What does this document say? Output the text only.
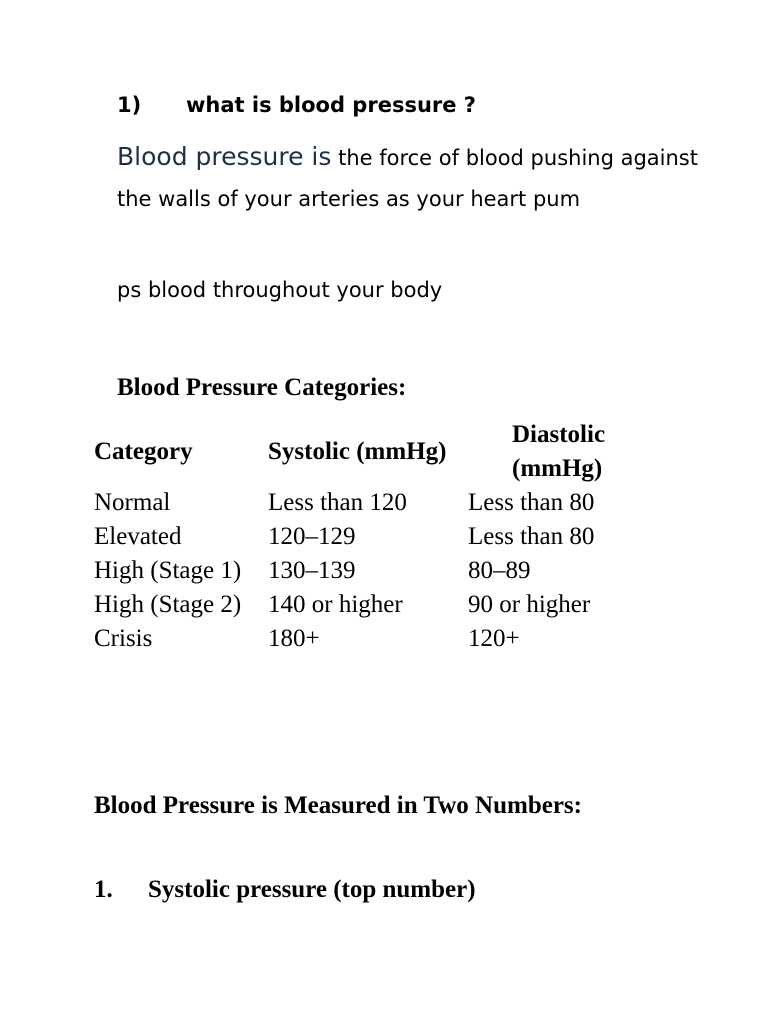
1) what is blood pressure ?
Blood pressure is the force of blood pushing against the walls of your arteries as your heart pum
ps blood throughout your body
Blood Pressure Categories:
Category	Systolic (mmHg)	Diastolic (mmHg)
Normal	Less than 120	Less than 80
Elevated	120–129	Less than 80
High (Stage 1)	130–139	80–89
High (Stage 2)	140 or higher	90 or higher
Crisis	180+	120+
Blood Pressure is Measured in Two Numbers:
1. Systolic pressure (top number)
